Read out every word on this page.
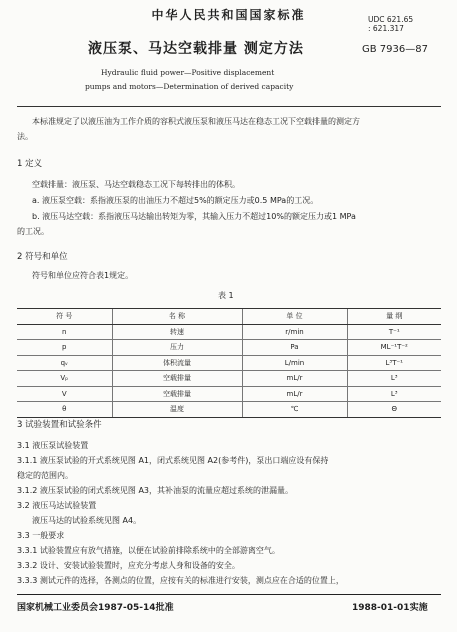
中华人民共和国国家标准	UDC 621.65
: 621.317
GB 7936—87
液压泵、马达空载排量 测定方法
Hydraulic fluid power—Positive displacement
pumps and motors—Determination of derived capacity
本标准规定了以液压油为工作介质的容积式液压泵和液压马达在稳态工况下空载排量的测定方
法。
1 定义
空载排量：液压泵、马达空载稳态工况下每转排出的体积。
a. 液压泵空载：系指液压泵的出油压力不超过5%的额定压力或0.5 MPa的工况。
b. 液压马达空载：系指液压马达输出转矩为零，其输入压力不超过10%的额定压力或1 MPa
的工况。
2 符号和单位
符号和单位应符合表1规定。
表 1
符 号	名 称	单 位	量 纲
n	转速	r/min	T⁻¹
p	压力	Pa	ML⁻¹T⁻²
qᵥ	体积流量	L/min	L³T⁻¹
Vₚ	空载排量	mL/r	L³
V	空载排量	mL/r	L³
θ	温度	℃	Θ
3 试验装置和试验条件
3.1 液压泵试验装置
3.1.1 液压泵试验的开式系统见图 A1，闭式系统见图 A2(参考件)，泵出口端应设有保持
稳定的范围内。
3.1.2 液压泵试验的闭式系统见图 A3，其补油泵的流量应超过系统的泄漏量。
3.2 液压马达试验装置
液压马达的试验系统见图 A4。
3.3 一般要求
3.3.1 试验装置应有放气措施，以便在试验前排除系统中的全部游离空气。
3.3.2 设计、安装试验装置时，应充分考虑人身和设备的安全。
3.3.3 测试元件的选择，各测点的位置，应按有关的标准进行安装，测点应在合适的位置上，
国家机械工业委员会1987-05-14批准	1988-01-01实施
